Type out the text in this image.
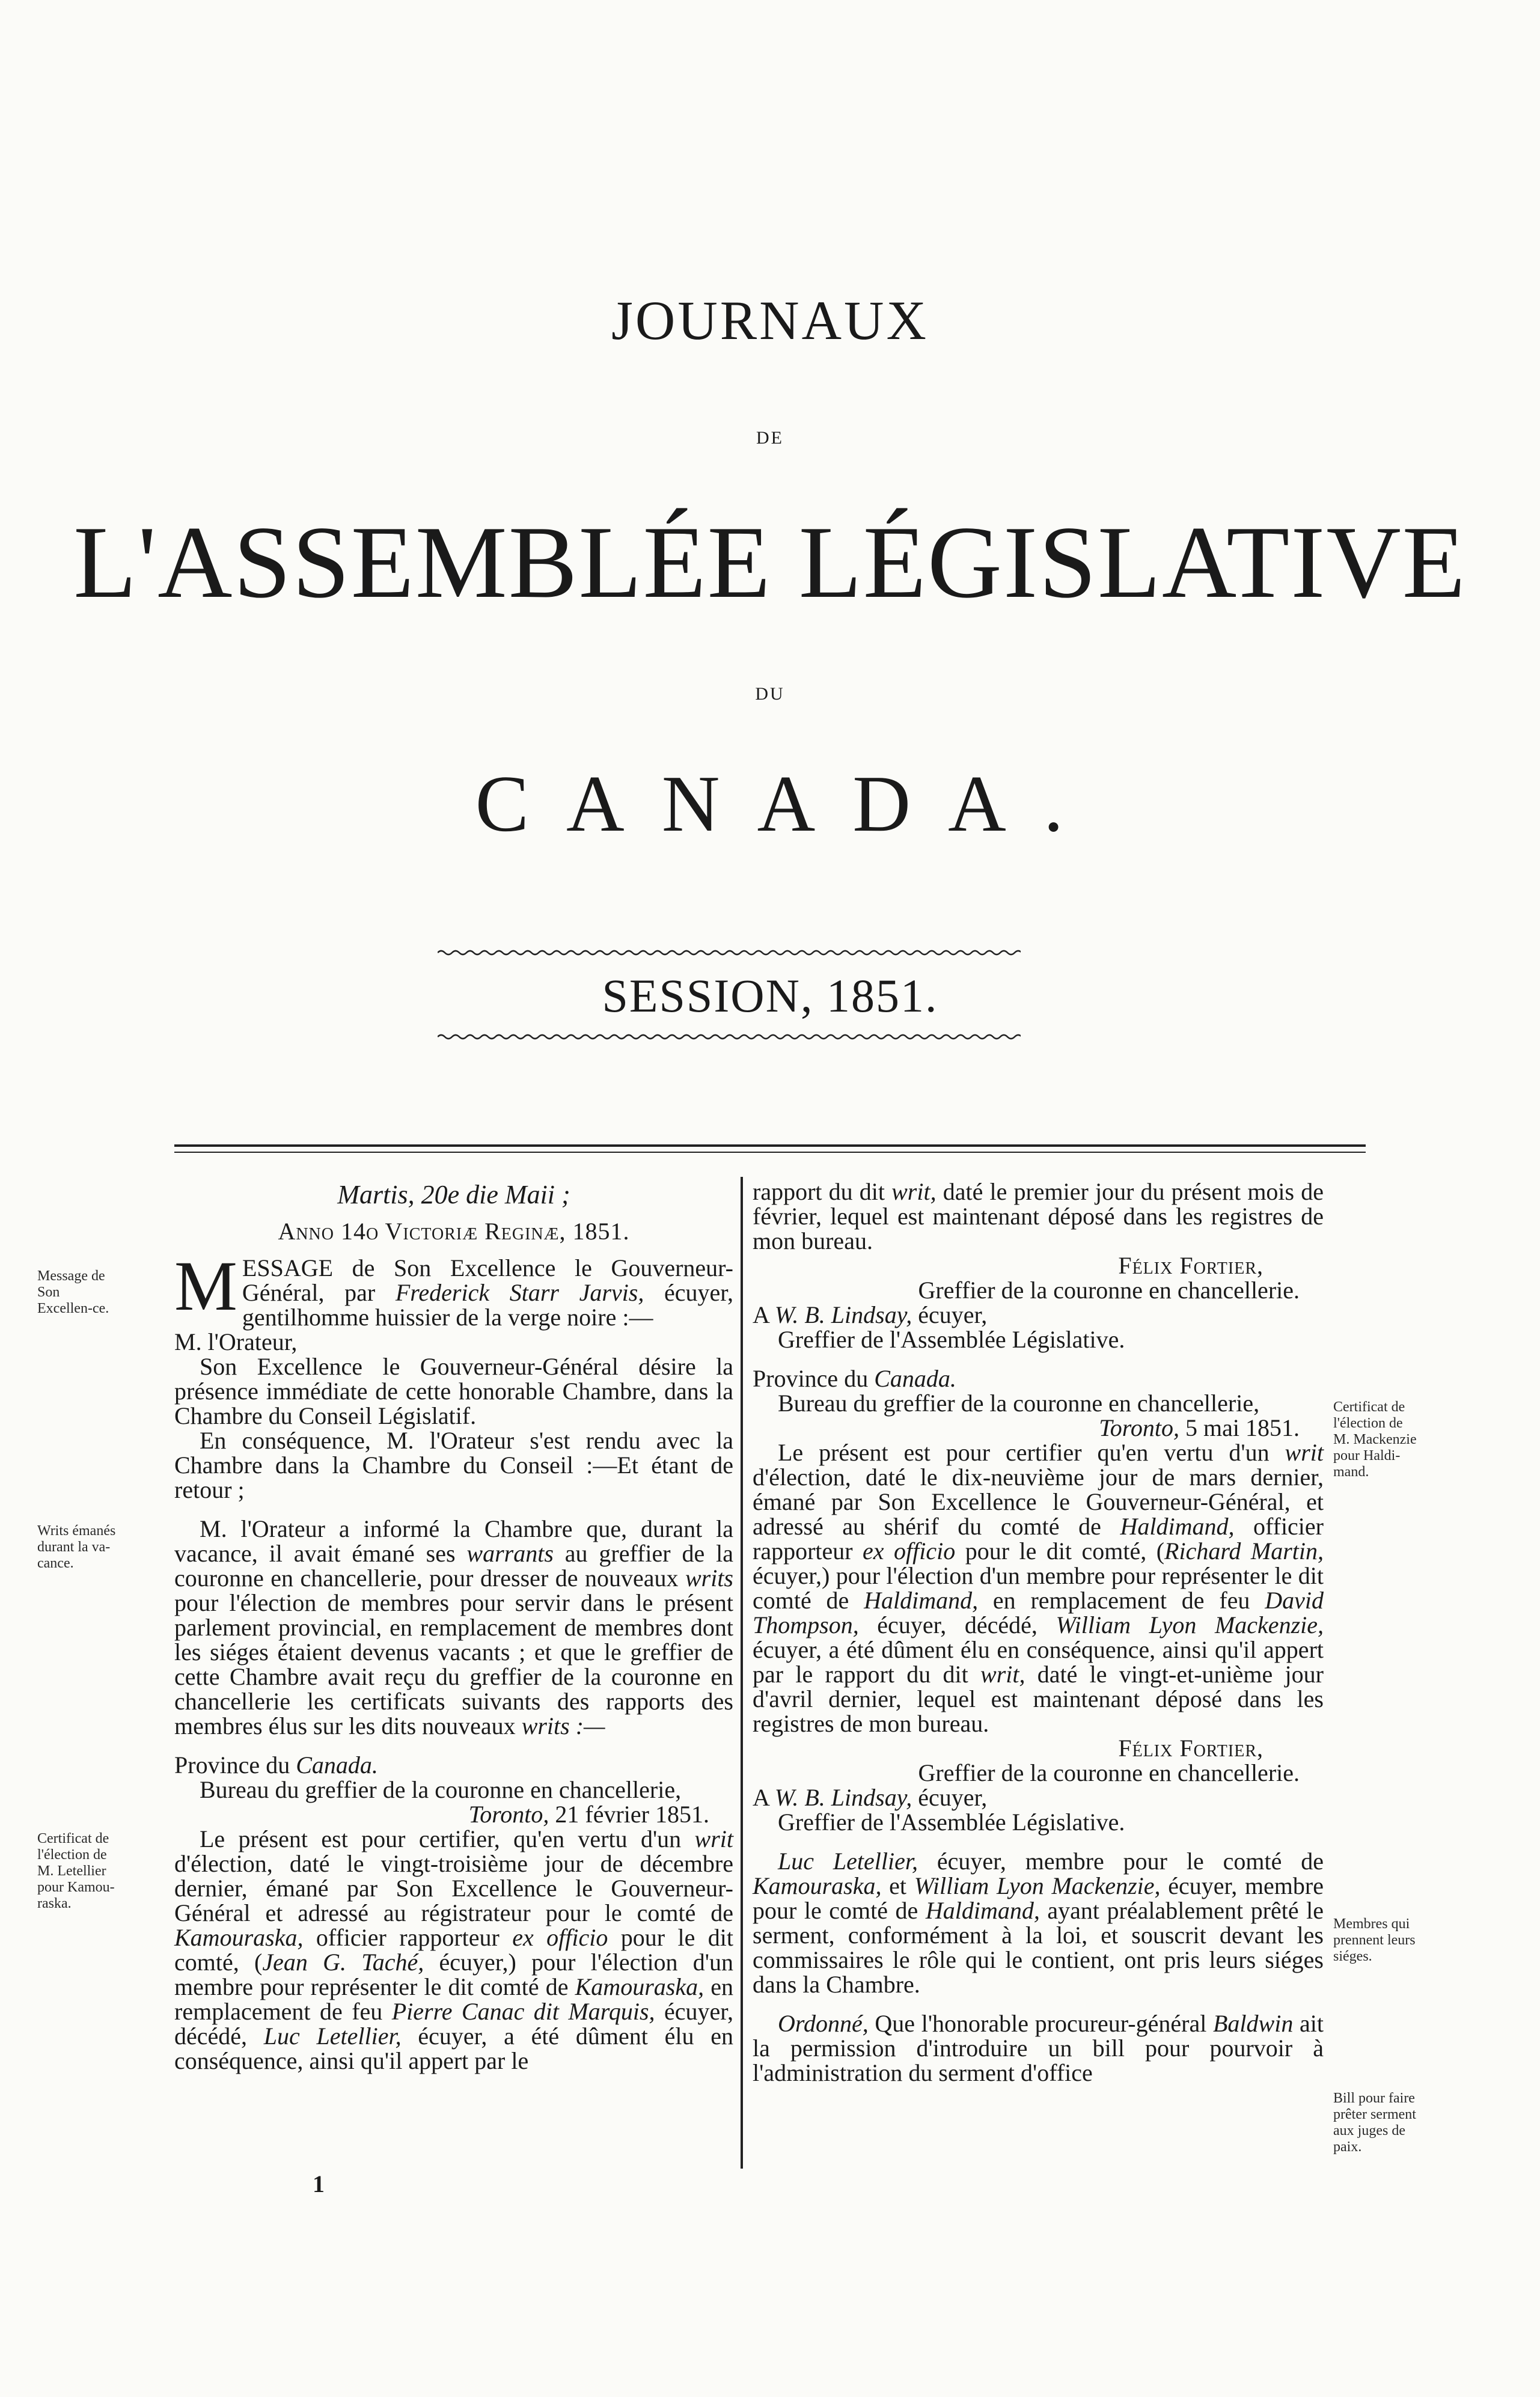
JOURNAUX
DE
L'ASSEMBLÉE LÉGISLATIVE
DU
CANADA.
SESSION, 1851.

Martis, 20e die Maii ;

Anno 14o Victoriæ Reginæ, 1851.

MESSAGE de Son Excellence le Gouverneur-Général, par Frederick Starr Jarvis, écuyer, gentilhomme huissier de la verge noire :—

M. l'Orateur,

Son Excellence le Gouverneur-Général désire la présence immédiate de cette honorable Chambre, dans la Chambre du Conseil Législatif.

En conséquence, M. l'Orateur s'est rendu avec la Chambre dans la Chambre du Conseil :—Et étant de retour ;

M. l'Orateur a informé la Chambre que, durant la vacance, il avait émané ses warrants au greffier de la couronne en chancellerie, pour dresser de nouveaux writs pour l'élection de membres pour servir dans le présent parlement provincial, en remplacement de membres dont les siéges étaient devenus vacants ; et que le greffier de cette Chambre avait reçu du greffier de la couronne en chancellerie les certificats suivants des rapports des membres élus sur les dits nouveaux writs :—

Province du Canada.

Bureau du greffier de la couronne en chancellerie,

Toronto, 21 février 1851.

Le présent est pour certifier, qu'en vertu d'un writ d'élection, daté le vingt-troisième jour de décembre dernier, émané par Son Excellence le Gouverneur-Général et adressé au régistrateur pour le comté de Kamouraska, officier rapporteur ex officio pour le dit comté, (Jean G. Taché, écuyer,) pour l'élection d'un membre pour représenter le dit comté de Kamouraska, en remplacement de feu Pierre Canac dit Marquis, écuyer, décédé, Luc Letellier, écuyer, a été dûment élu en conséquence, ainsi qu'il appert par le

rapport du dit writ, daté le premier jour du présent mois de février, lequel est maintenant déposé dans les registres de mon bureau.

Félix Fortier,

Greffier de la couronne en chancellerie.

A W. B. Lindsay, écuyer,

Greffier de l'Assemblée Législative.

Province du Canada.

Bureau du greffier de la couronne en chancellerie,

Toronto, 5 mai 1851.

Le présent est pour certifier qu'en vertu d'un writ d'élection, daté le dix-neuvième jour de mars dernier, émané par Son Excellence le Gouverneur-Général, et adressé au shérif du comté de Haldimand, officier rapporteur ex officio pour le dit comté, (Richard Martin, écuyer,) pour l'élection d'un membre pour représenter le dit comté de Haldimand, en remplacement de feu David Thompson, écuyer, décédé, William Lyon Mackenzie, écuyer, a été dûment élu en conséquence, ainsi qu'il appert par le rapport du dit writ, daté le vingt-et-unième jour d'avril dernier, lequel est maintenant déposé dans les registres de mon bureau.

Félix Fortier,

Greffier de la couronne en chancellerie.

A W. B. Lindsay, écuyer,

Greffier de l'Assemblée Législative.

Luc Letellier, écuyer, membre pour le comté de Kamouraska, et William Lyon Mackenzie, écuyer, membre pour le comté de Haldimand, ayant préalablement prêté le serment, conformément à la loi, et souscrit devant les commissaires le rôle qui le contient, ont pris leurs siéges dans la Chambre.

Ordonné, Que l'honorable procureur-général Baldwin ait la permission d'introduire un bill pour pourvoir à l'administration du serment d'office

Message de Son Excellen-ce.
Writs émanés durant la va-cance.
Certificat de l'élection de M. Letellier pour Kamou-raska.
Certificat de l'élection de M. Mackenzie pour Haldi-mand.
Membres qui prennent leurs siéges.
Bill pour faire prêter serment aux juges de paix.
1
